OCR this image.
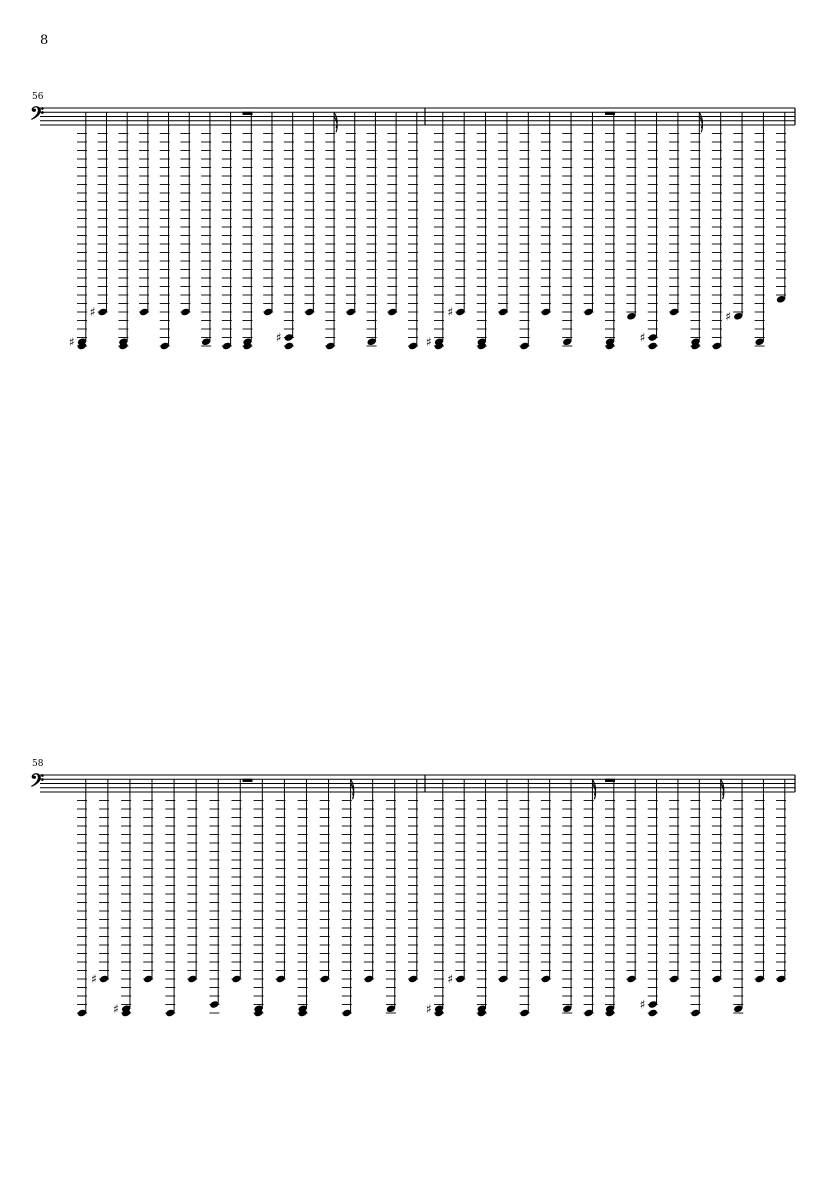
8
56
𝄢
♯
♯
♯	♯
♯
♯
♯
58
𝄢
♯
♯	♯
♯
♯
